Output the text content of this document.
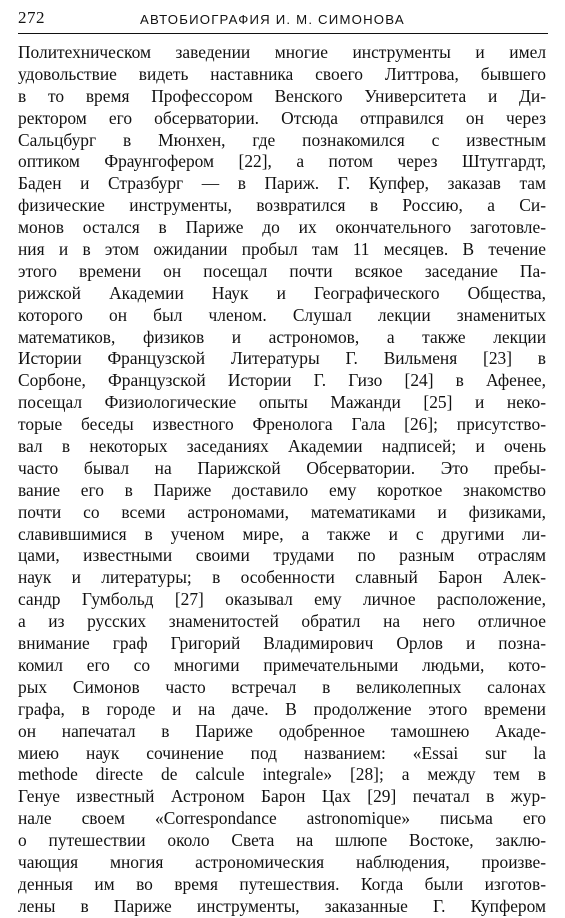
272	АВТОБИОГРАФИЯ И. М. СИМОНОВА
Политехническом заведении многие инструменты и имел
удовольствие видеть наставника своего Литтрова, бывшего
в то время Профессором Венского Университета и Ди-
ректором его обсерватории. Отсюда отправился он через
Сальцбург в Мюнхен, где познакомился с известным
оптиком Фраунгофером [22], а потом через Штутгардт,
Баден и Стразбург — в Париж. Г. Купфер, заказав там
физические инструменты, возвратился в Россию, а Си-
монов остался в Париже до их окончательного заготовле-
ния и в этом ожидании пробыл там 11 месяцев. В течение
этого времени он посещал почти всякое заседание Па-
рижской Академии Наук и Географического Общества,
которого он был членом. Слушал лекции знаменитых
математиков, физиков и астрономов, а также лекции
Истории Французской Литературы Г. Вильменя [23] в
Сорбоне, Французской Истории Г. Гизо [24] в Афенее,
посещал Физиологические опыты Мажанди [25] и неко-
торые беседы известного Френолога Гала [26]; присутство-
вал в некоторых заседаниях Академии надписей; и очень
часто бывал на Парижской Обсерватории. Это пребы-
вание его в Париже доставило ему короткое знакомство
почти со всеми астрономами, математиками и физиками,
славившимися в ученом мире, а также и с другими ли-
цами, известными своими трудами по разным отраслям
наук и литературы; в особенности славный Барон Алек-
сандр Гумбольд [27] оказывал ему личное расположение,
а из русских знаменитостей обратил на него отличное
внимание граф Григорий Владимирович Орлов и позна-
комил его со многими примечательными людьми, кото-
рых Симонов часто встречал в великолепных салонах
графа, в городе и на даче. В продолжение этого времени
он напечатал в Париже одобренное тамошнею Акаде-
миею наук сочинение под названием: «Essai sur la
methode directe de calcule integrale» [28]; а между тем в
Генуе известный Астроном Барон Цах [29] печатал в жур-
нале своем «Correspondance astronomique» письма его
о путешествии около Света на шлюпе Востоке, заклю-
чающия многия астрономическия наблюдения, произве-
денныя им во время путешествия. Когда были изготов-
лены в Париже инструменты, заказанные Г. Купфером
